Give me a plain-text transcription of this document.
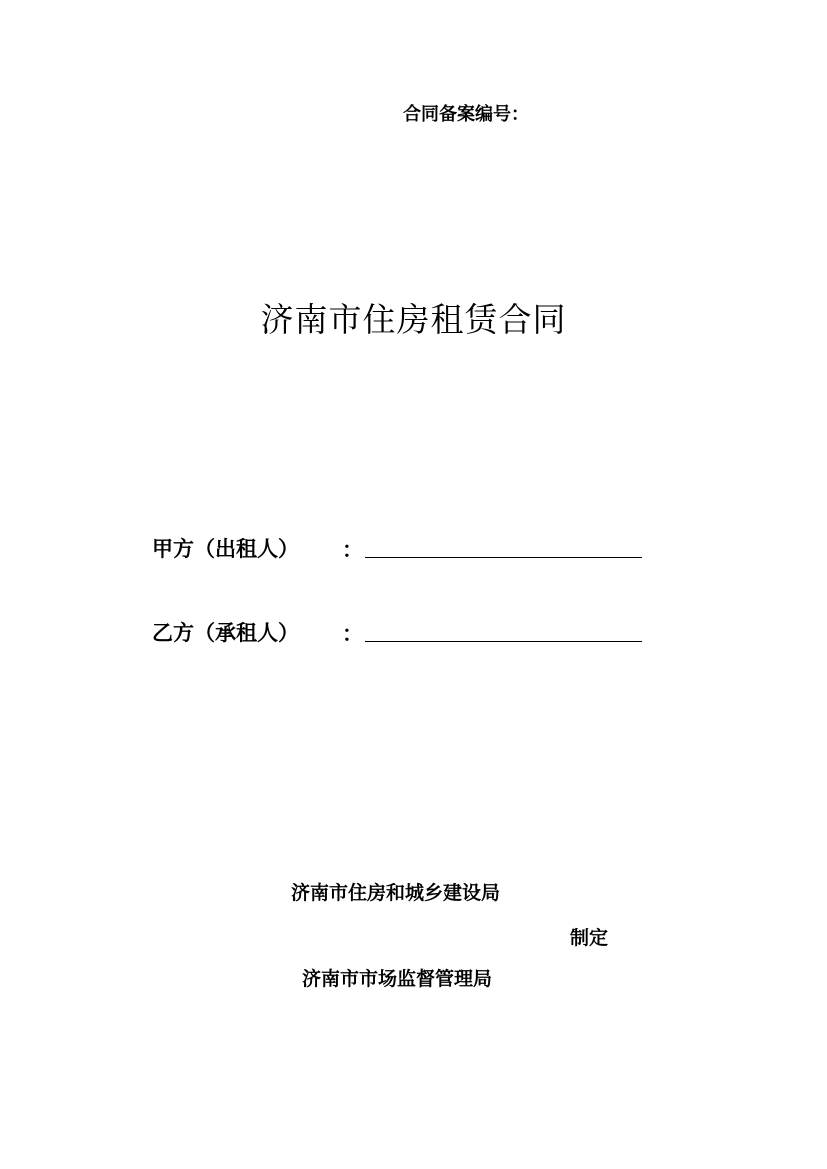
合同备案编号：
济南市住房租赁合同
甲方（出租人） ：
乙方（承租人） ：
济南市住房和城乡建设局
制定
济南市市场监督管理局
